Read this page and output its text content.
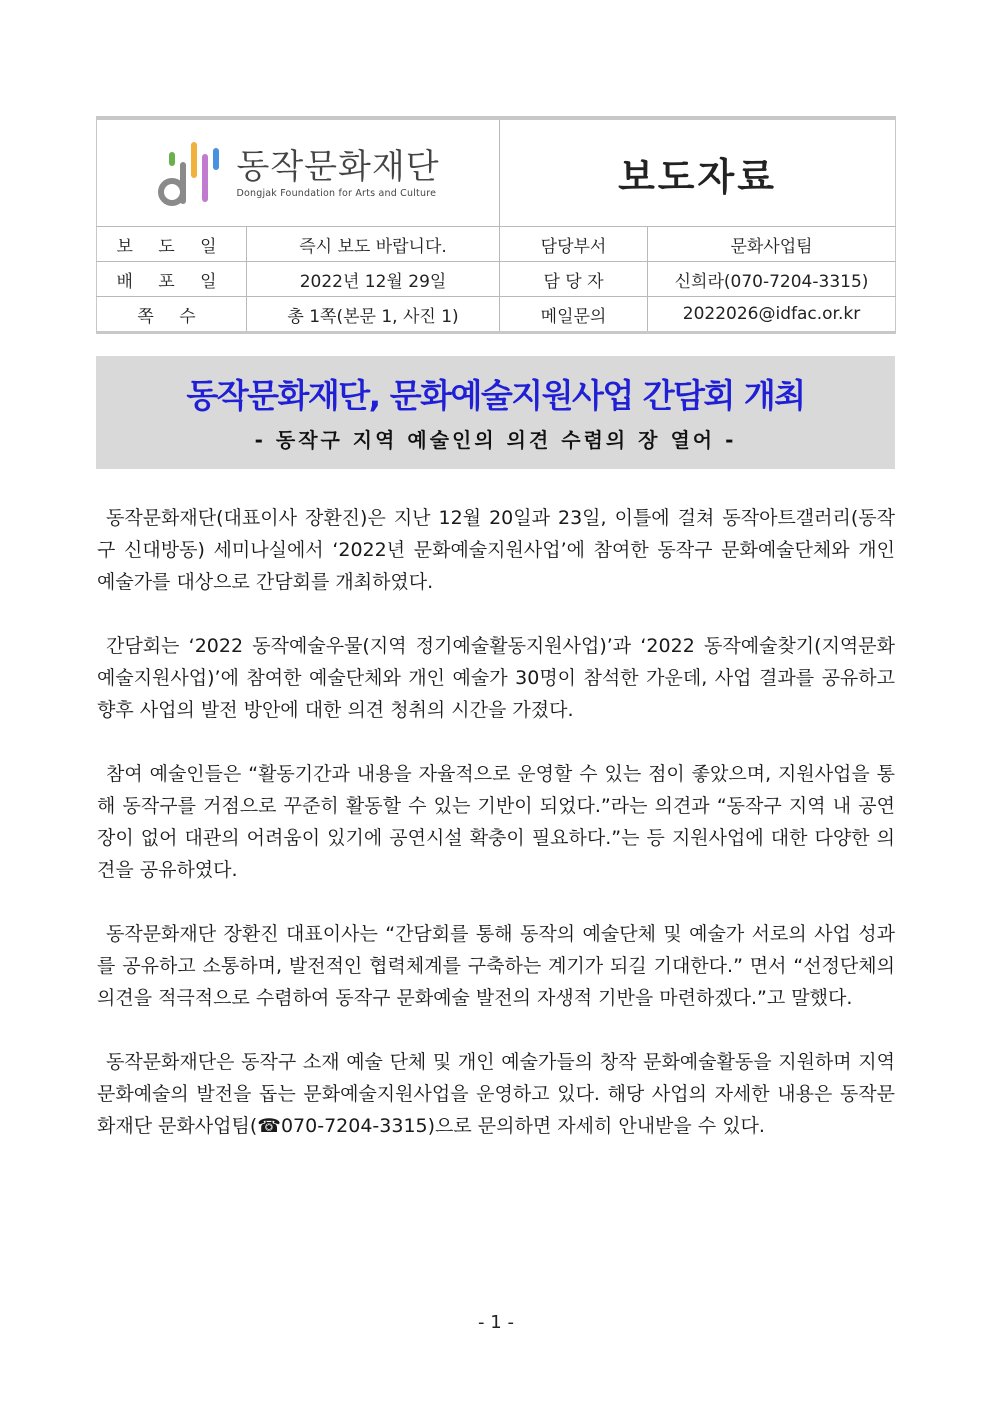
동작문화재단
Dongjak Foundation for Arts and Culture		보도자료	
보 도 일	즉시 보도 바랍니다.	담당부서	문화사업팀
배 포 일	2022년 12월 29일	담 당 자	신희라(070-7204-3315)
쪽 수	총 1쪽(본문 1, 사진 1)	메일문의	2022026@idfac.or.kr
동작문화재단, 문화예술지원사업 간담회 개최
- 동작구 지역 예술인의 의견 수렴의 장 열어 -

동작문화재단(대표이사 장환진)은 지난 12월 20일과 23일, 이틀에 걸쳐 동작아트갤러리(동작구 신대방동) 세미나실에서 ‘2022년 문화예술지원사업’에 참여한 동작구 문화예술단체와 개인 예술가를 대상으로 간담회를 개최하였다.

간담회는 ‘2022 동작예술우물(지역 정기예술활동지원사업)’과 ‘2022 동작예술찾기(지역문화예술지원사업)’에 참여한 예술단체와 개인 예술가 30명이 참석한 가운데, 사업 결과를 공유하고 향후 사업의 발전 방안에 대한 의견 청취의 시간을 가졌다.

참여 예술인들은 “활동기간과 내용을 자율적으로 운영할 수 있는 점이 좋았으며, 지원사업을 통해 동작구를 거점으로 꾸준히 활동할 수 있는 기반이 되었다.”라는 의견과 “동작구 지역 내 공연장이 없어 대관의 어려움이 있기에 공연시설 확충이 필요하다.”는 등 지원사업에 대한 다양한 의견을 공유하였다.

동작문화재단 장환진 대표이사는 “간담회를 통해 동작의 예술단체 및 예술가 서로의 사업 성과를 공유하고 소통하며, 발전적인 협력체계를 구축하는 계기가 되길 기대한다.” 면서 “선정단체의 의견을 적극적으로 수렴하여 동작구 문화예술 발전의 자생적 기반을 마련하겠다.”고 말했다.

동작문화재단은 동작구 소재 예술 단체 및 개인 예술가들의 창작 문화예술활동을 지원하며 지역문화예술의 발전을 돕는 문화예술지원사업을 운영하고 있다. 해당 사업의 자세한 내용은 동작문화재단 문화사업팀(☎070-7204-3315)으로 문의하면 자세히 안내받을 수 있다.

- 1 -
